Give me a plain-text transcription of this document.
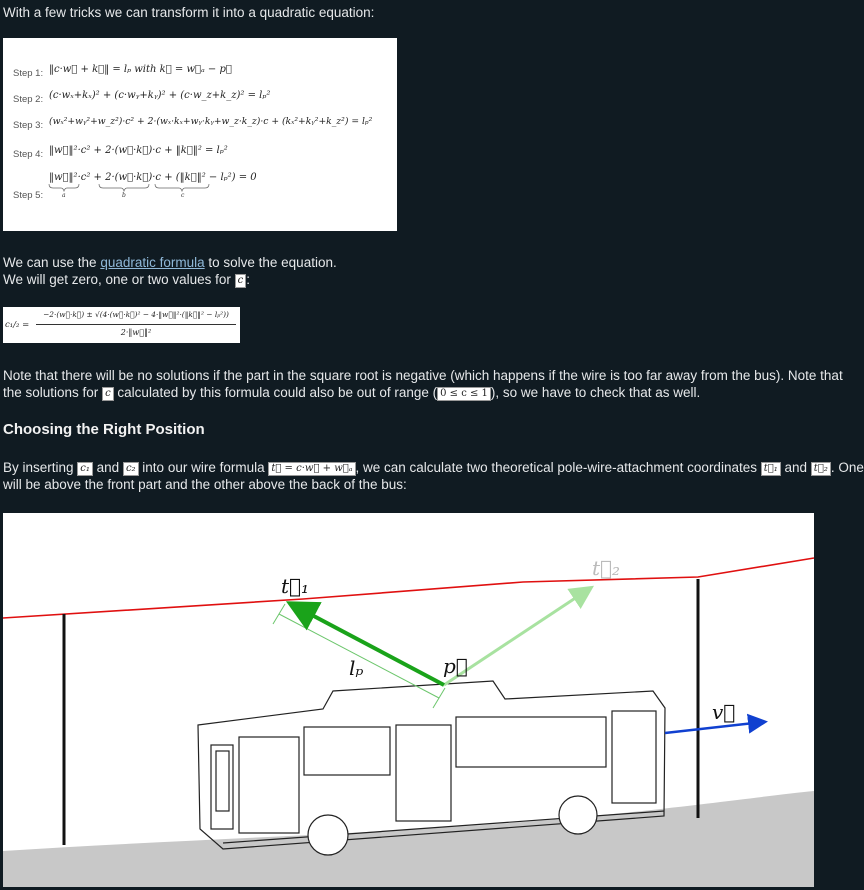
With a few tricks we can transform it into a quadratic equation:
Step 1: ‖c·w⃗ + k⃗‖ = lₚ with k⃗ = w⃗ₐ − p⃗
Step 2: (c·wₓ+kₓ)² + (c·wᵧ+kᵧ)² + (c·w_z+k_z)² = lₚ²
Step 3: (wₓ²+wᵧ²+w_z²)·c² + 2·(wₓ·kₓ+wᵧ·kᵧ+w_z·k_z)·c + (kₓ²+kᵧ²+k_z²) = lₚ²
Step 4: ‖w⃗‖²·c² + 2·(w⃗·k⃗)·c + ‖k⃗‖² = lₚ²
Step 5:
‖w⃗‖²·c² + 2·(w⃗·k⃗)·c + (‖k⃗‖² − lₚ²) = 0
a	b	c
We can use the quadratic formula to solve the equation.
We will get zero, one or two values for c :
c₁/₂ =
−2·(w⃗·k⃗) ± √(4·(w⃗·k⃗)² − 4·‖w⃗‖²·(‖k⃗‖² − lₚ²))
2·‖w⃗‖²
Note that there will be no solutions if the part in the square root is negative (which happens if the wire is too far away from the bus). Note that
the solutions for c calculated by this formula could also be out of range ( 0 ≤ c ≤ 1 ), so we have to check that as well.
Choosing the Right Position
By inserting c₁ and c₂ into our wire formula t⃗ = c·w⃗ + w⃗ₐ , we can calculate two theoretical pole-wire-attachment coordinates t⃗₁ and t⃗₂ . One
will be above the front part and the other above the back of the bus:
t⃗₁
t⃗₂
lₚ	p⃗
v⃗
